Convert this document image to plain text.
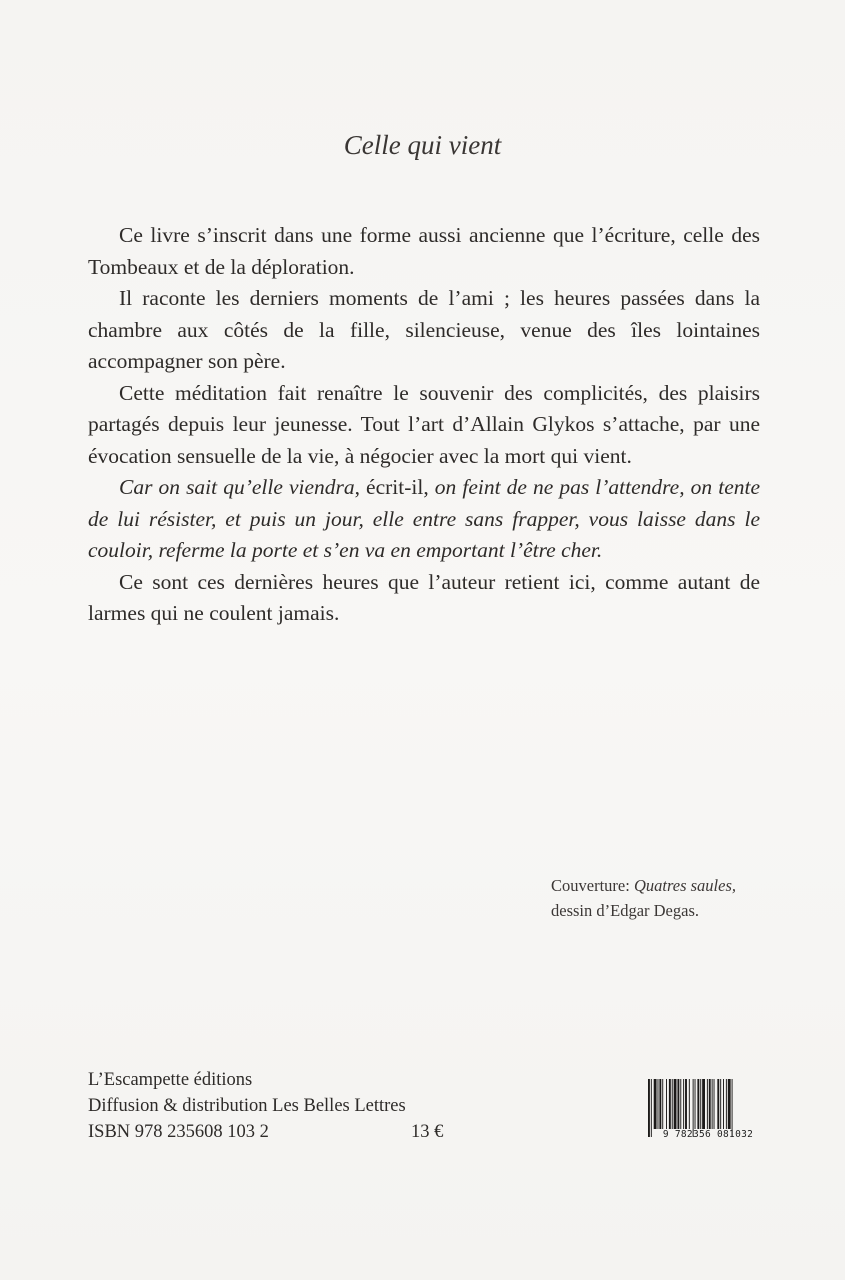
Celle qui vient

Ce livre s’inscrit dans une forme aussi ancienne que l’écriture, celle des Tombeaux et de la déploration.

Il raconte les derniers moments de l’ami ; les heures passées dans la chambre aux côtés de la fille, silencieuse, venue des îles lointaines accompagner son père.

Cette méditation fait renaître le souvenir des complicités, des plaisirs partagés depuis leur jeunesse. Tout l’art d’Allain Glykos s’attache, par une évocation sensuelle de la vie, à négocier avec la mort qui vient.

Car on sait qu’elle viendra, écrit-il, on feint de ne pas l’attendre, on tente de lui résister, et puis un jour, elle entre sans frapper, vous laisse dans le couloir, referme la porte et s’en va en emportant l’être cher.

Ce sont ces dernières heures que l’auteur retient ici, comme autant de larmes qui ne coulent jamais.

Couverture: Quatres saules,
dessin d’Edgar Degas.
L’Escampette éditions
Diffusion & distribution Les Belles Lettres
ISBN 978 235608 103 2	13 €	9 782356 081032
